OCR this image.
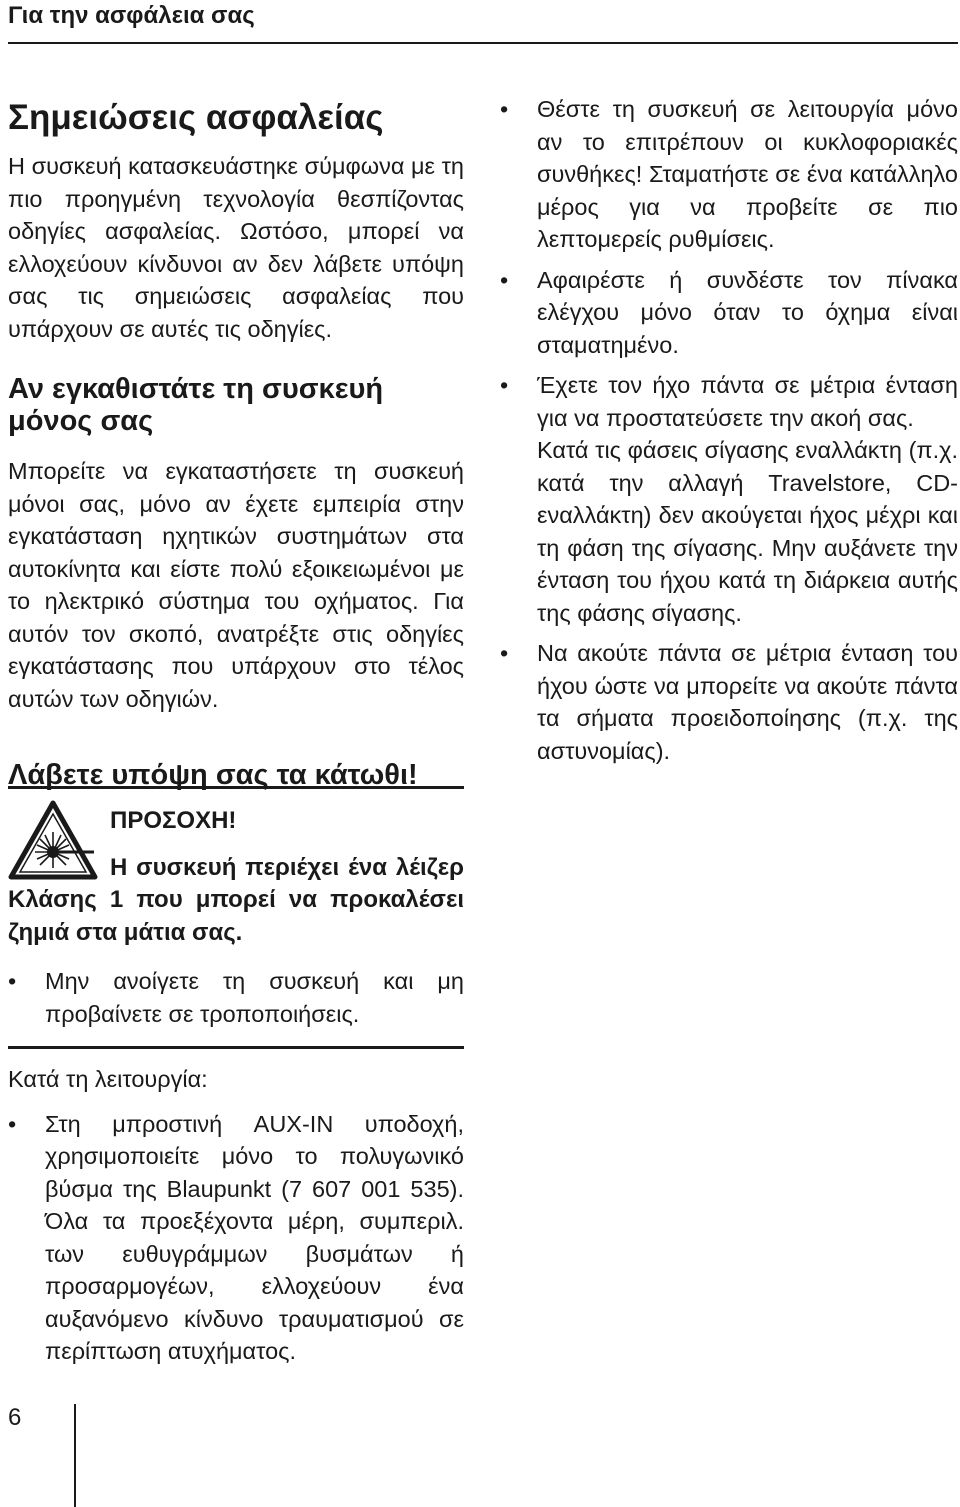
Για την ασφάλεια σας
Σημειώσεις ασφαλείας

Η συσκευή κατασκευάστηκε σύμφωνα με τη πιο προηγμένη τεχνολογία θεσπίζοντας οδηγίες ασφαλείας. Ωστόσο, μπορεί να ελλοχεύουν κίνδυνοι αν δεν λάβετε υπόψη σας τις σημειώσεις ασφαλείας που υπάρχουν σε αυτές τις οδηγίες.

Αν εγκαθιστάτε τη συσκευή μόνος σας

Μπορείτε να εγκαταστήσετε τη συσκευή μόνοι σας, μόνο αν έχετε εμπειρία στην εγκατάσταση ηχητικών συστημάτων στα αυτοκίνητα και είστε πολύ εξοικειωμένοι με το ηλεκτρικό σύστημα του οχήματος. Για αυτόν τον σκοπό, ανατρέξτε στις οδηγίες εγκατάστασης που υπάρχουν στο τέλος αυτών των οδηγιών.

Λάβετε υπόψη σας τα κάτωθι!
ΠΡΟΣΟΧΗ!

Η συσκευή περιέχει ένα λέιζερ Κλάσης 1 που μπορεί να προκαλέσει ζημιά στα μάτια σας.

• Μην ανοίγετε τη συσκευή και μη προβαίνετε σε τροποποιήσεις.

Κατά τη λειτουργία:

• Στη μπροστινή AUX-IN υποδοχή, χρησιμοποιείτε μόνο το πολυγωνικό βύσμα της Blaupunkt (7 607 001 535). Όλα τα προεξέχοντα μέρη, συμπεριλ. των ευθυγράμμων βυσμάτων ή προσαρμογέων, ελλοχεύουν ένα αυξανόμενο κίνδυνο τραυματισμού σε περίπτωση ατυχήματος.
• Θέστε τη συσκευή σε λειτουργία μόνο αν το επιτρέπουν οι κυκλοφοριακές συνθήκες! Σταματήστε σε ένα κατάλληλο μέρος για να προβείτε σε πιο λεπτομερείς ρυθμίσεις.
• Αφαιρέστε ή συνδέστε τον πίνακα ελέγχου μόνο όταν το όχημα είναι σταματημένο.
• Έχετε τον ήχο πάντα σε μέτρια ένταση για να προστατεύσετε την ακοή σας.
Κατά τις φάσεις σίγασης εναλλάκτη (π.χ. κατά την αλλαγή Travelstore, CD-εναλλάκτη) δεν ακούγεται ήχος μέχρι και τη φάση της σίγασης. Μην αυξάνετε την ένταση του ήχου κατά τη διάρκεια αυτής της φάσης σίγασης.
• Να ακούτε πάντα σε μέτρια ένταση του ήχου ώστε να μπορείτε να ακούτε πάντα τα σήματα προειδοποίησης (π.χ. της αστυνομίας).
6
